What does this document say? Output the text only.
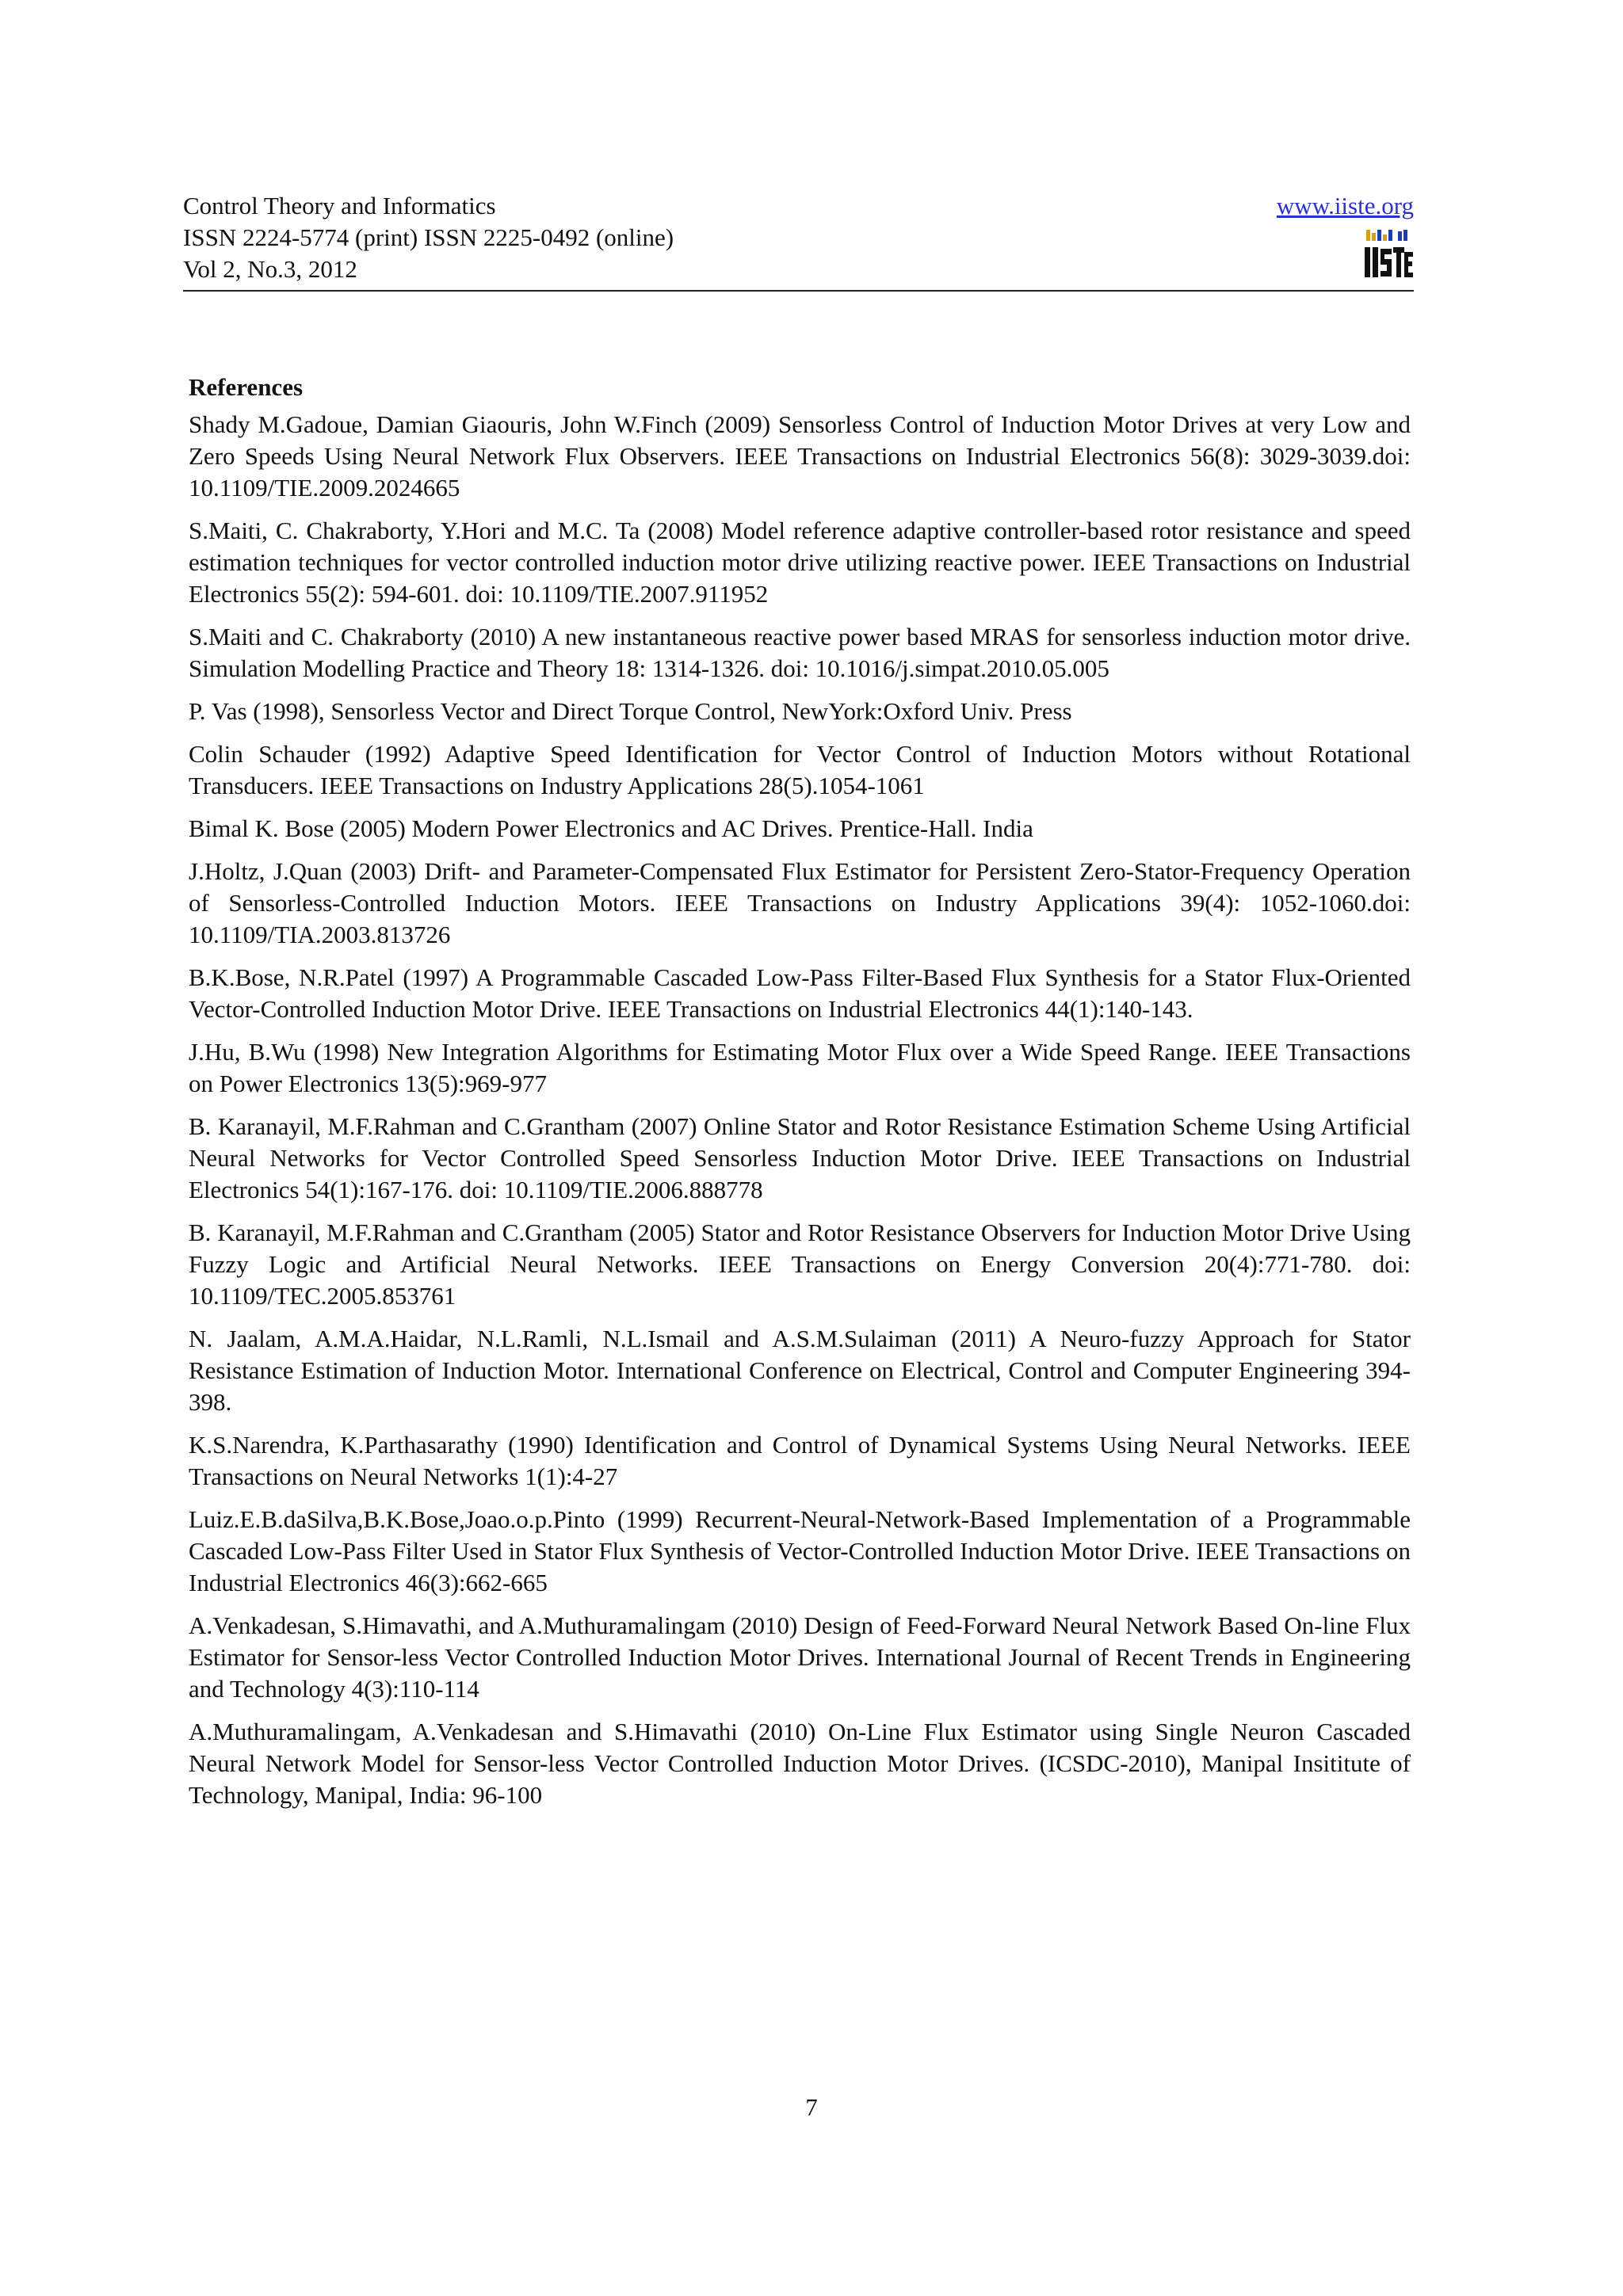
Control Theory and Informatics
ISSN 2224-5774 (print) ISSN 2225-0492 (online)
Vol 2, No.3, 2012
www.iiste.org
References

Shady M.Gadoue, Damian Giaouris, John W.Finch (2009) Sensorless Control of Induction Motor Drives at very Low and Zero Speeds Using Neural Network Flux Observers. IEEE Transactions on Industrial Electronics 56(8): 3029-3039.doi: 10.1109/TIE.2009.2024665

S.Maiti, C. Chakraborty, Y.Hori and M.C. Ta (2008) Model reference adaptive controller-based rotor resistance and speed estimation techniques for vector controlled induction motor drive utilizing reactive power. IEEE Transactions on Industrial Electronics 55(2): 594-601. doi: 10.1109/TIE.2007.911952

S.Maiti and C. Chakraborty (2010) A new instantaneous reactive power based MRAS for sensorless induction motor drive. Simulation Modelling Practice and Theory 18: 1314-1326. doi: 10.1016/j.simpat.2010.05.005

P. Vas (1998), Sensorless Vector and Direct Torque Control, NewYork:Oxford Univ. Press

Colin Schauder (1992) Adaptive Speed Identification for Vector Control of Induction Motors without Rotational Transducers. IEEE Transactions on Industry Applications 28(5).1054-1061

Bimal K. Bose (2005) Modern Power Electronics and AC Drives. Prentice-Hall. India

J.Holtz, J.Quan (2003) Drift- and Parameter-Compensated Flux Estimator for Persistent Zero-Stator-Frequency Operation of Sensorless-Controlled Induction Motors. IEEE Transactions on Industry Applications 39(4): 1052-1060.doi: 10.1109/TIA.2003.813726

B.K.Bose, N.R.Patel (1997) A Programmable Cascaded Low-Pass Filter-Based Flux Synthesis for a Stator Flux-Oriented Vector-Controlled Induction Motor Drive. IEEE Transactions on Industrial Electronics 44(1):140-143.

J.Hu, B.Wu (1998) New Integration Algorithms for Estimating Motor Flux over a Wide Speed Range. IEEE Transactions on Power Electronics 13(5):969-977

B. Karanayil, M.F.Rahman and C.Grantham (2007) Online Stator and Rotor Resistance Estimation Scheme Using Artificial Neural Networks for Vector Controlled Speed Sensorless Induction Motor Drive. IEEE Transactions on Industrial Electronics 54(1):167-176. doi: 10.1109/TIE.2006.888778

B. Karanayil, M.F.Rahman and C.Grantham (2005) Stator and Rotor Resistance Observers for Induction Motor Drive Using Fuzzy Logic and Artificial Neural Networks. IEEE Transactions on Energy Conversion 20(4):771-780. doi: 10.1109/TEC.2005.853761

N. Jaalam, A.M.A.Haidar, N.L.Ramli, N.L.Ismail and A.S.M.Sulaiman (2011) A Neuro-fuzzy Approach for Stator Resistance Estimation of Induction Motor. International Conference on Electrical, Control and Computer Engineering 394-398.

K.S.Narendra, K.Parthasarathy (1990) Identification and Control of Dynamical Systems Using Neural Networks. IEEE Transactions on Neural Networks 1(1):4-27

Luiz.E.B.daSilva,B.K.Bose,Joao.o.p.Pinto (1999) Recurrent-Neural-Network-Based Implementation of a Programmable Cascaded Low-Pass Filter Used in Stator Flux Synthesis of Vector-Controlled Induction Motor Drive. IEEE Transactions on Industrial Electronics 46(3):662-665

A.Venkadesan, S.Himavathi, and A.Muthuramalingam (2010) Design of Feed-Forward Neural Network Based On-line Flux Estimator for Sensor-less Vector Controlled Induction Motor Drives. International Journal of Recent Trends in Engineering and Technology 4(3):110-114

A.Muthuramalingam, A.Venkadesan and S.Himavathi (2010) On-Line Flux Estimator using Single Neuron Cascaded Neural Network Model for Sensor-less Vector Controlled Induction Motor Drives. (ICSDC-2010), Manipal Insititute of Technology, Manipal, India: 96-100

7
